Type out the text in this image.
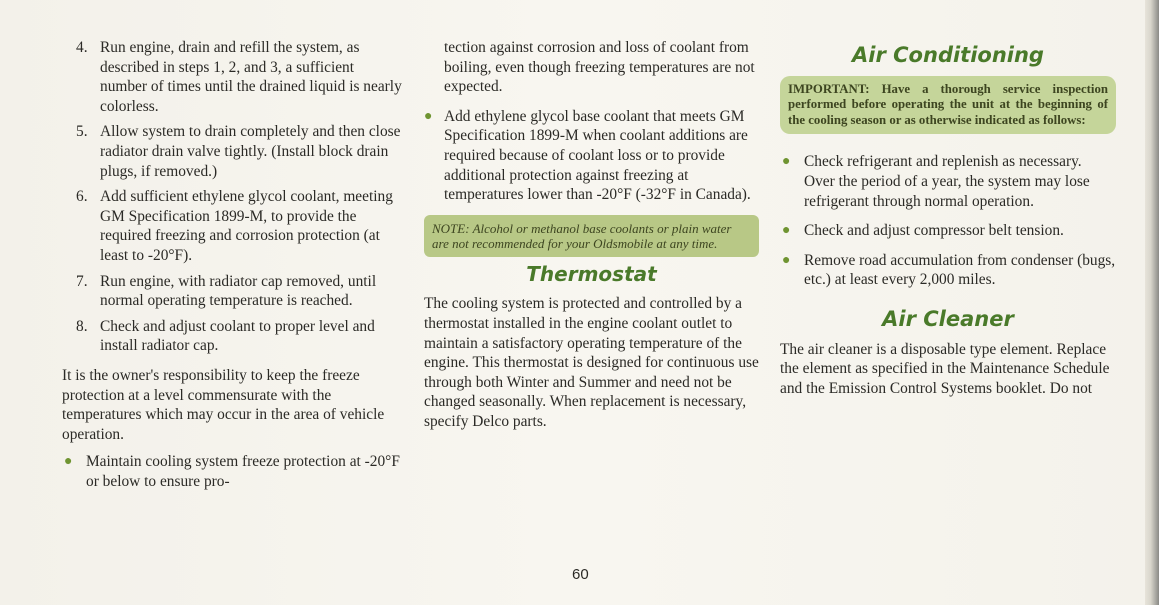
4. Run engine, drain and refill the system, as described in steps 1, 2, and 3, a sufficient number of times until the drained liquid is nearly colorless.
5. Allow system to drain completely and then close radiator drain valve tightly. (Install block drain plugs, if removed.)
6. Add sufficient ethylene glycol coolant, meeting GM Specification 1899-M, to provide the required freezing and corrosion protection (at least to -20°F).
7. Run engine, with radiator cap removed, until normal operating temperature is reached.
8. Check and adjust coolant to proper level and install radiator cap.
It is the owner's responsibility to keep the freeze protection at a level commensurate with the temperatures which may occur in the area of vehicle operation.
● Maintain cooling system freeze protection at -20°F or below to ensure pro-
tection against corrosion and loss of coolant from boiling, even though freezing temperatures are not expected.
● Add ethylene glycol base coolant that meets GM Specification 1899-M when coolant additions are required because of coolant loss or to provide additional protection against freezing at temperatures lower than -20°F (-32°F in Canada).
NOTE: Alcohol or methanol base coolants or plain water are not recommended for your Oldsmobile at any time.
Thermostat
The cooling system is protected and controlled by a thermostat installed in the engine coolant outlet to maintain a satisfactory operating temperature of the engine. This thermostat is designed for continuous use through both Winter and Summer and need not be changed seasonally. When replacement is necessary, specify Delco parts.
Air Conditioning
IMPORTANT: Have a thorough service inspection performed before operating the unit at the beginning of the cooling season or as otherwise indicated as follows:
● Check refrigerant and replenish as necessary. Over the period of a year, the system may lose refrigerant through normal operation.
● Check and adjust compressor belt tension.
● Remove road accumulation from condenser (bugs, etc.) at least every 2,000 miles.
Air Cleaner
The air cleaner is a disposable type element. Replace the element as specified in the Maintenance Schedule and the Emission Control Systems booklet. Do not
60
